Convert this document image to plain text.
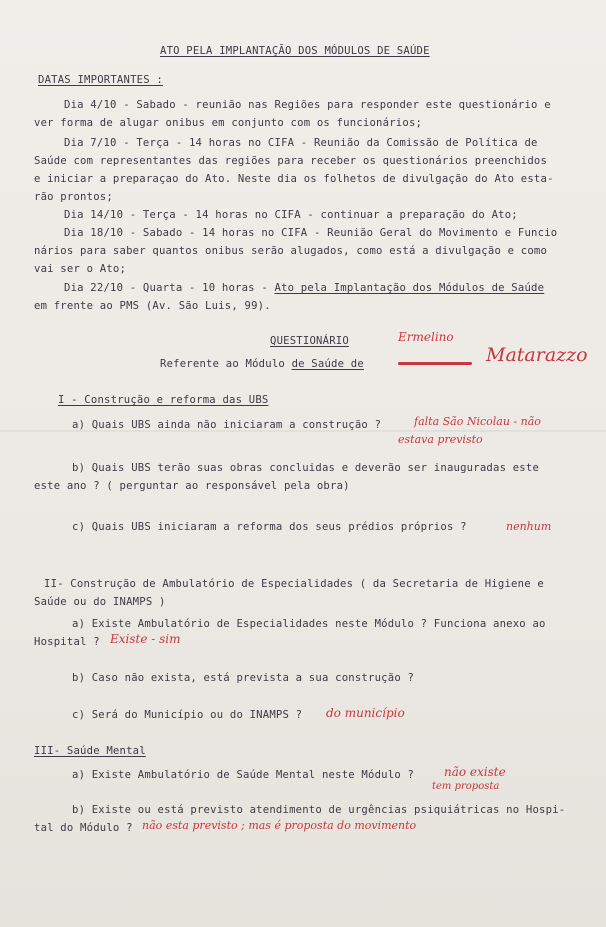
ATO PELA IMPLANTAÇÃO DOS MÓDULOS DE SAÚDE
DATAS IMPORTANTES :
Dia 4/10 - Sabado - reunião nas Regiões para responder este questionário e
ver forma de alugar onibus em conjunto com os funcionários;
Dia 7/10 - Terça - 14 horas no CIFA - Reunião da Comissão de Política de
Saúde com representantes das regiões para receber os questionários preenchidos
e iniciar a preparaçao do Ato. Neste dia os folhetos de divulgação do Ato esta-
rão prontos;
Dia 14/10 - Terça - 14 horas no CIFA - continuar a preparação do Ato;
Dia 18/10 - Sabado - 14 horas no CIFA - Reunião Geral do Movimento e Funcio
nários para saber quantos onibus serão alugados, como está a divulgação e como
vai ser o Ato;
Dia 22/10 - Quarta - 10 horas - Ato pela Implantação dos Módulos de Saúde
em frente ao PMS (Av. São Luis, 99).
QUESTIONÁRIO	Ermelino
Referente ao Módulo de Saúde de	Matarazzo
I - Construção e reforma das UBS
a) Quais UBS ainda não iniciaram a construção ?	falta São Nicolau - não
estava previsto
b) Quais UBS terão suas obras concluidas e deverão ser inauguradas este
este ano ? ( perguntar ao responsável pela obra)
c) Quais UBS iniciaram a reforma dos seus prédios próprios ?	nenhum
II- Construção de Ambulatório de Especialidades ( da Secretaria de Higiene e
Saúde ou do INAMPS )
a) Existe Ambulatório de Especialidades neste Módulo ? Funciona anexo ao
Hospital ? Existe - sim
b) Caso não exista, está prevista a sua construção ?
c) Será do Município ou do INAMPS ? do município
III- Saúde Mental
a) Existe Ambulatório de Saúde Mental neste Módulo ? não existe
tem proposta
b) Existe ou está previsto atendimento de urgências psiquiátricas no Hospi-
tal do Módulo ? não esta previsto ; mas é proposta do movimento
